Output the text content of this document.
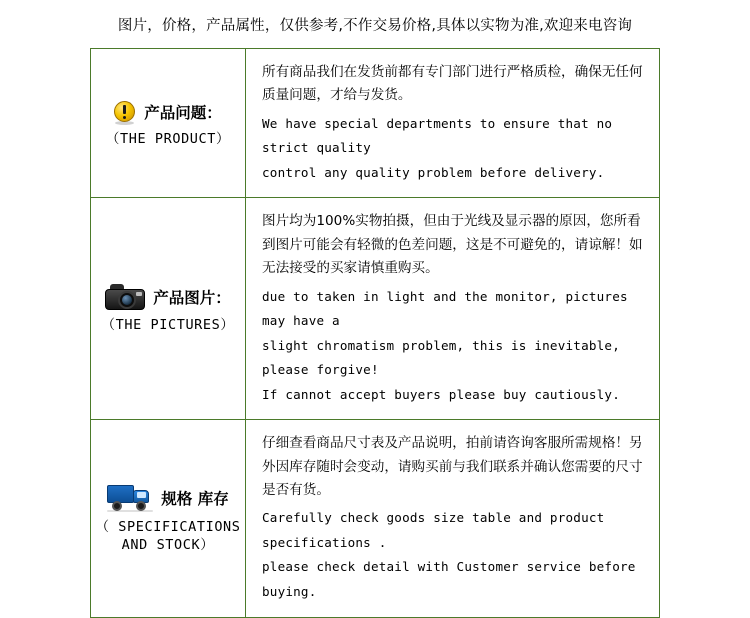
图片，价格，产品属性，仅供参考,不作交易价格,具体以实物为准,欢迎来电咨询
产品问题：
（THE PRODUCT）

所有商品我们在发货前都有专门部门进行严格质检，确保无任何质量问题，才给与发货。

We have special departments to ensure that no strict quality

control any quality problem before delivery.

产品图片：
（THE PICTURES）

图片均为100%实物拍摄，但由于光线及显示器的原因，您所看到图片可能会有轻微的色差问题，这是不可避免的，请谅解！如无法接受的买家请慎重购买。

due to taken in light and the monitor, pictures may have a

slight chromatism problem, this is inevitable, please forgive!

If cannot accept buyers please buy cautiously.

规格 库存
（ SPECIFICATIONS AND STOCK）

仔细查看商品尺寸表及产品说明，拍前请咨询客服所需规格！另外因库存随时会变动，请购买前与我们联系并确认您需要的尺寸是否有货。

Carefully check goods size table and product specifications .

please check detail with Customer service before buying.
